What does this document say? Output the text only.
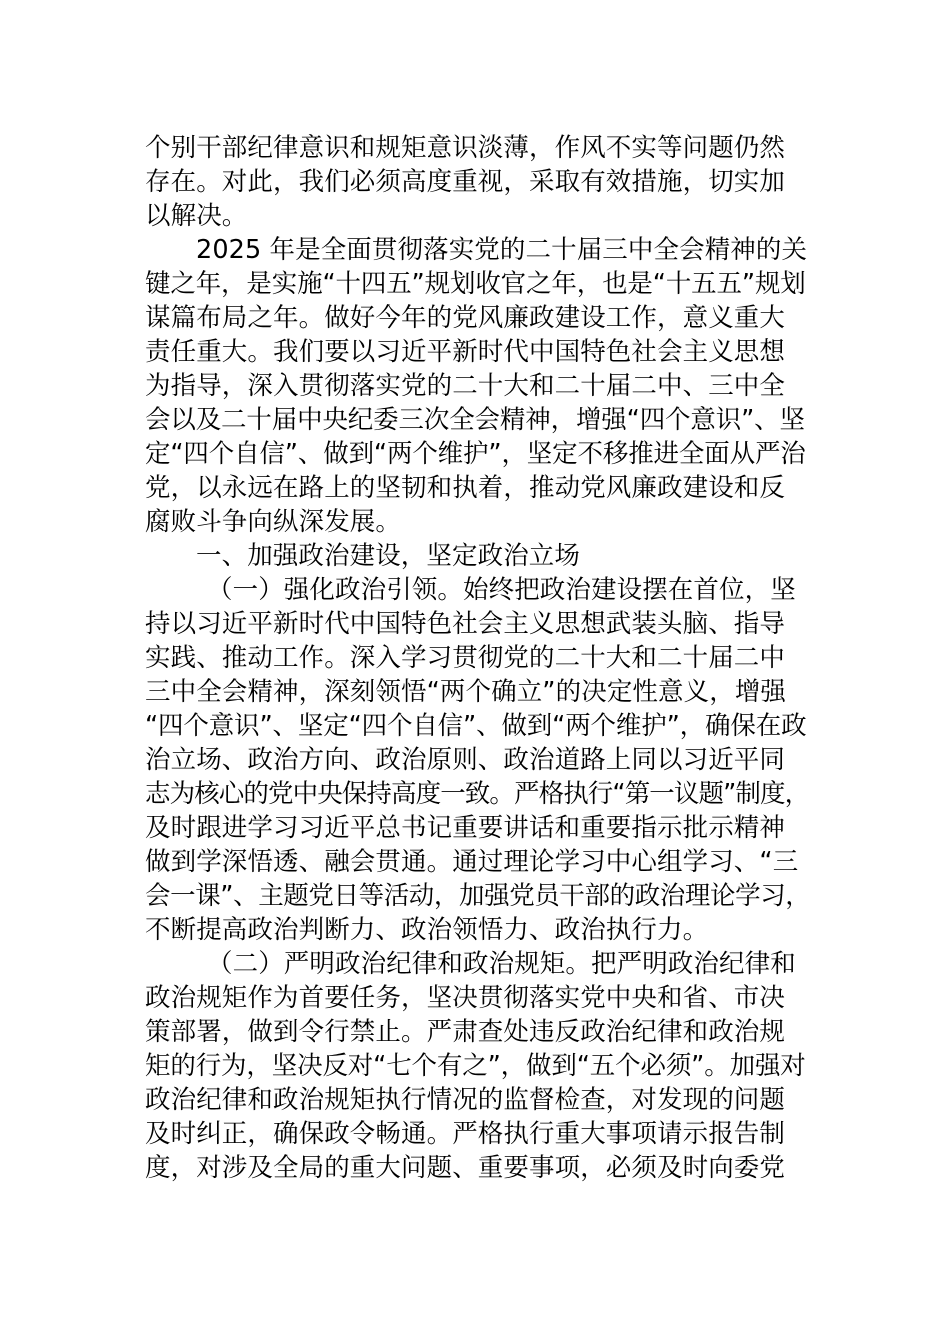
个别干部纪律意识和规矩意识淡薄，作风不实等问题仍然
存在。对此，我们必须高度重视，采取有效措施，切实加
以解决。
2025 年是全面贯彻落实党的二十届三中全会精神的关
键之年，是实施“十四五”规划收官之年，也是“十五五”规划
谋篇布局之年。做好今年的党风廉政建设工作，意义重大
责任重大。我们要以习近平新时代中国特色社会主义思想
为指导，深入贯彻落实党的二十大和二十届二中、三中全
会以及二十届中央纪委三次全会精神，增强“四个意识”、坚
定“四个自信”、做到“两个维护”，坚定不移推进全面从严治
党，以永远在路上的坚韧和执着，推动党风廉政建设和反
腐败斗争向纵深发展。
一、加强政治建设，坚定政治立场
（一）强化政治引领。始终把政治建设摆在首位，坚
持以习近平新时代中国特色社会主义思想武装头脑、指导
实践、推动工作。深入学习贯彻党的二十大和二十届二中
三中全会精神，深刻领悟“两个确立”的决定性意义，增强
“四个意识”、坚定“四个自信”、做到“两个维护”，确保在政
治立场、政治方向、政治原则、政治道路上同以习近平同
志为核心的党中央保持高度一致。严格执行“第一议题”制度，
及时跟进学习习近平总书记重要讲话和重要指示批示精神
做到学深悟透、融会贯通。通过理论学习中心组学习、“三
会一课”、主题党日等活动，加强党员干部的政治理论学习，
不断提高政治判断力、政治领悟力、政治执行力。
（二）严明政治纪律和政治规矩。把严明政治纪律和
政治规矩作为首要任务，坚决贯彻落实党中央和省、市决
策部署，做到令行禁止。严肃查处违反政治纪律和政治规
矩的行为，坚决反对“七个有之”，做到“五个必须”。加强对
政治纪律和政治规矩执行情况的监督检查，对发现的问题
及时纠正，确保政令畅通。严格执行重大事项请示报告制
度，对涉及全局的重大问题、重要事项，必须及时向委党
